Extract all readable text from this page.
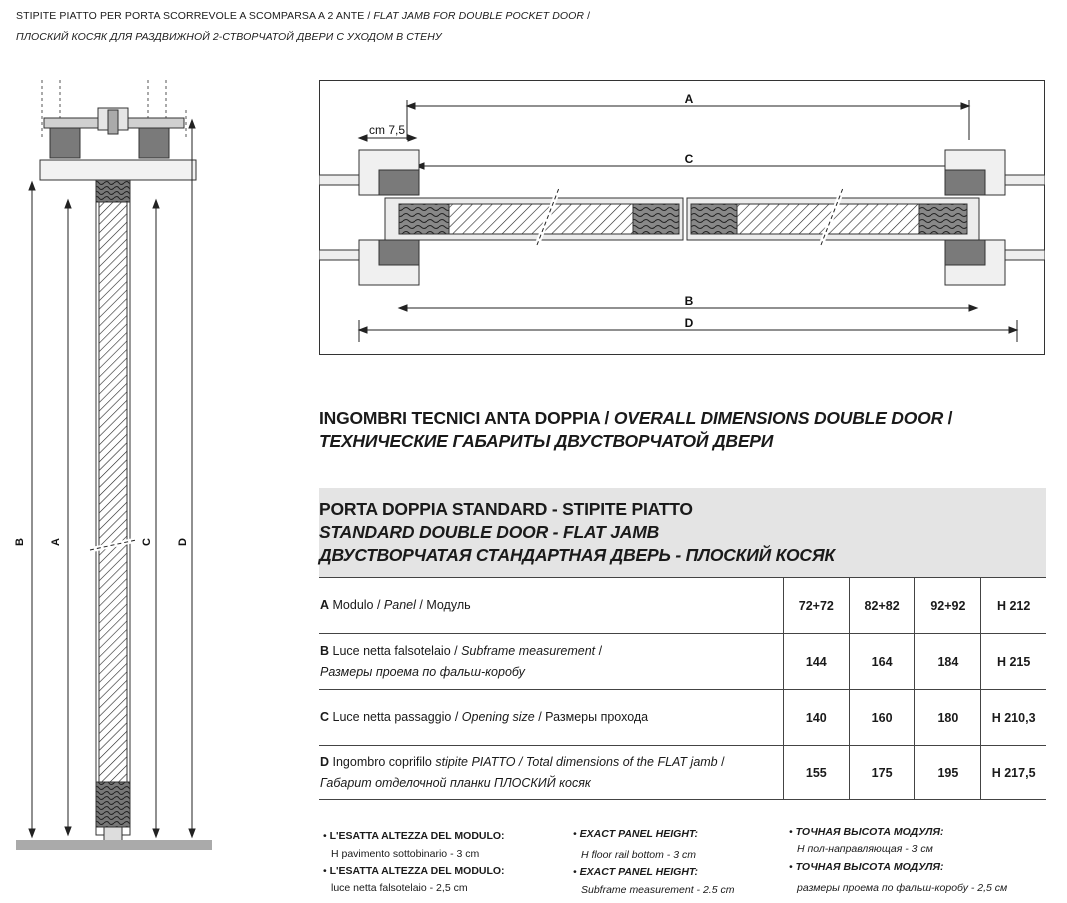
STIPITE PIATTO PER PORTA SCORREVOLE A SCOMPARSA A 2 ANTE / FLAT JAMB FOR DOUBLE POCKET DOOR /
ПЛОСКИЙ КОСЯК ДЛЯ РАЗДВИЖНОЙ 2-СТВОРЧАТОЙ ДВЕРИ С УХОДОМ В СТЕНУ
B A	C D
A
C
B
D
cm 7,5
INGOMBRI TECNICI ANTA DOPPIA / OVERALL DIMENSIONS DOUBLE DOOR /
ТЕХНИЧЕСКИЕ ГАБАРИТЫ ДВУСТВОРЧАТОЙ ДВЕРИ
PORTA DOPPIA STANDARD - STIPITE PIATTO
STANDARD DOUBLE DOOR - FLAT JAMB
ДВУСТВОРЧАТАЯ СТАНДАРТНАЯ ДВЕРЬ - ПЛОСКИЙ КОСЯК
A Modulo / Panel / Модуль	72+72	82+82	92+92	H 212
B Luce netta falsotelaio / Subframe measurement /
Размеры проема по фальш-коробу	144	164	184	H 215
C Luce netta passaggio / Opening size / Размеры прохода	140	160	180	H 210,3
D Ingombro coprifilo stipite PIATTO / Total dimensions of the FLAT jamb /
Габарит отделочной планки ПЛОСКИЙ косяк	155	175	195	H 217,5
• L'ESATTA ALTEZZA DEL MODULO:
H pavimento sottobinario - 3 cm
• L'ESATTA ALTEZZA DEL MODULO:
luce netta falsotelaio - 2,5 cm
• EXACT PANEL HEIGHT:
H floor rail bottom - 3 cm
• EXACT PANEL HEIGHT:
Subframe measurement - 2.5 cm
• ТОЧНАЯ ВЫСОТА МОДУЛЯ:
Н пол-направляющая - 3 см
• ТОЧНАЯ ВЫСОТА МОДУЛЯ:
размеры проема по фальш-коробу - 2,5 см
